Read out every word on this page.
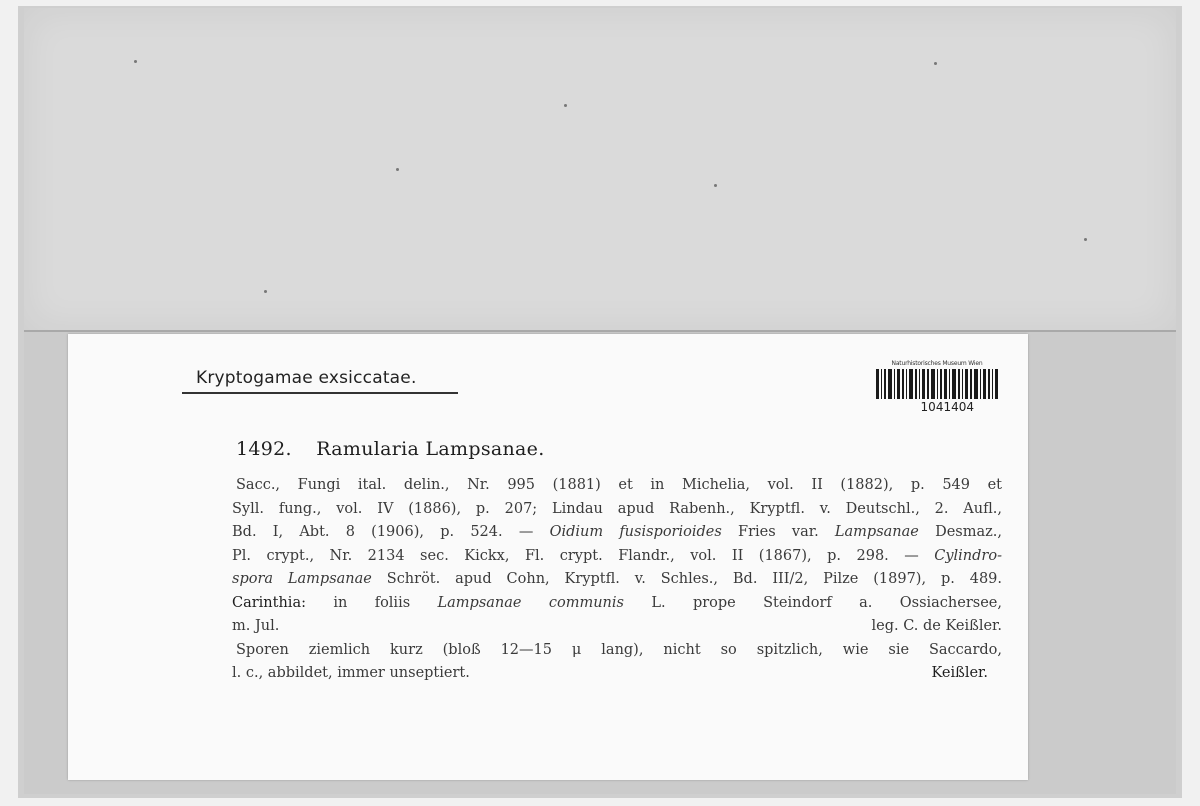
Kryptogamae exsiccatae.
Naturhistorisches Museum Wien
1041404
1492. Ramularia Lampsanae.
Sacc., Fungi ital. delin., Nr. 995 (1881) et in Michelia, vol. II (1882), p. 549 et
Syll. fung., vol. IV (1886), p. 207; Lindau apud Rabenh., Kryptfl. v. Deutschl., 2. Aufl.,
Bd. I, Abt. 8 (1906), p. 524. — Oidium fusisporioides Fries var. Lampsanae Desmaz.,
Pl. crypt., Nr. 2134 sec. Kickx, Fl. crypt. Flandr., vol. II (1867), p. 298. — Cylindro-
spora Lampsanae Schröt. apud Cohn, Kryptfl. v. Schles., Bd. III/2, Pilze (1897), p. 489.
Carinthia: in foliis Lampsanae communis L. prope Steindorf a. Ossiachersee,
m. Jul.	leg. C. de Keißler.
Sporen ziemlich kurz (bloß 12—15 μ lang), nicht so spitzlich, wie sie Saccardo,
l. c., abbildet, immer unseptiert.	Keißler.
